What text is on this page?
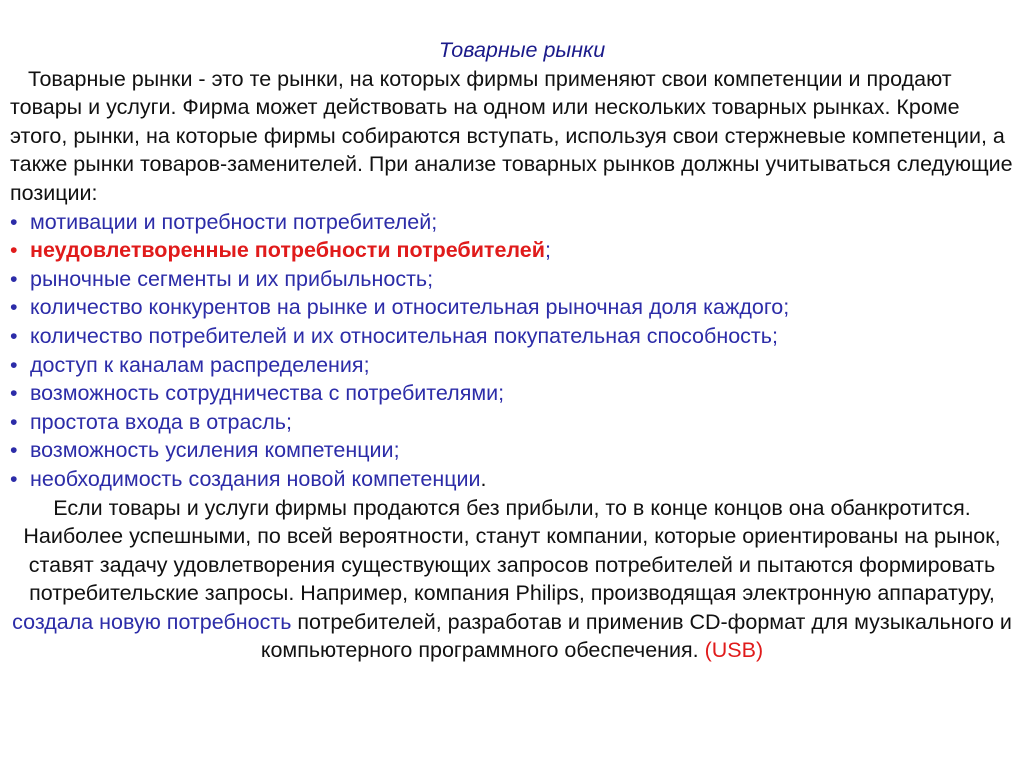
Товарные рынки

Товарные рынки - это те рынки, на которых фирмы применяют свои компетенции и продают товары и услуги. Фирма может действовать на одном или нескольких товарных рынках. Кроме этого, рынки, на которые фирмы собираются вступать, используя свои стержневые компетенции, а также рынки товаров-заменителей. При анализе товарных рынков должны учитываться следующие позиции:

• мотивации и потребности потребителей;
• неудовлетворенные потребности потребителей;
• рыночные сегменты и их прибыльность;
• количество конкурентов на рынке и относительная рыночная доля каждого;
• количество потребителей и их относительная покупательная способность;
• доступ к каналам распределения;
• возможность сотрудничества с потребителями;
• простота входа в отрасль;
• возможность усиления компетенции;
• необходимость создания новой компетенции.

Если товары и услуги фирмы продаются без прибыли, то в конце концов она обанкротится. Наиболее успешными, по всей вероятности, станут компании, которые ориентированы на рынок, ставят задачу удовлетворения существующих запросов потребителей и пытаются формировать потребительские запросы. Например, компания Philips, производящая электронную аппаратуру, создала новую потребность потребителей, разработав и применив CD-формат для музыкального и компьютерного программного обеспечения. (USB)
